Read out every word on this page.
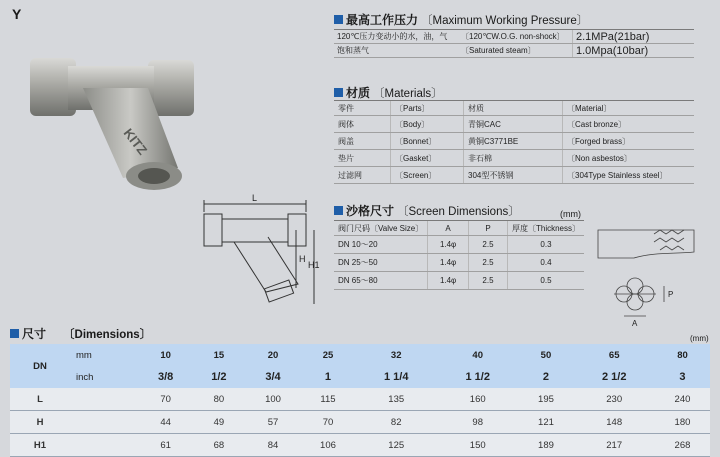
Y
KITZ
L
H
H1
最高工作压力 〔Maximum Working Pressure〕
120℃压力变动小的水，油，气	〔120℃W.O.G. non-shock〕	2.1MPa(21bar)
饱和蒸气	〔Saturated steam〕	1.0Mpa(10bar)
材质 〔Materials〕
零件	〔Parts〕	材质	〔Material〕
阀体	〔Body〕	青铜CAC	〔Cast bronze〕
阀盖	〔Bonnet〕	黄铜C3771BE	〔Forged brass〕
垫片	〔Gasket〕	非石棉	〔Non asbestos〕
过滤网	〔Screen〕	304型不锈钢	〔304Type Stainless steel〕
沙格尺寸 〔Screen Dimensions〕	(mm)
阀门尺码〔Valve Size〕	A	P	厚度〔Thickness〕
DN 10～20	1.4φ	2.5	0.3
DN 25～50	1.4φ	2.5	0.4
DN 65～80	1.4φ	2.5	0.5
P
A
尺寸 〔Dimensions〕	(mm)
DN	mm	10	15	20	25	32	40	50	65	80
	inch	3/8	1/2	3/4	1	1 1/4	1 1/2	2	2 1/2	3
L		70	80	100	115	135	160	195	230	240
H		44	49	57	70	82	98	121	148	180
H1		61	68	84	106	125	150	189	217	268
